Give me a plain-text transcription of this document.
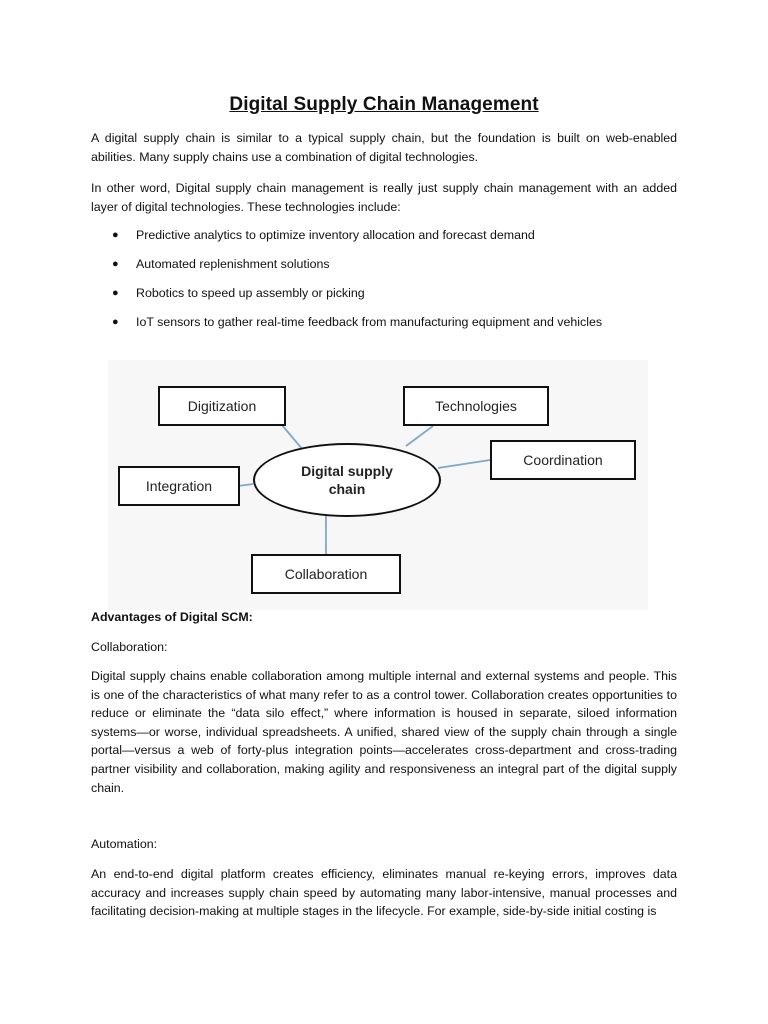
Digital Supply Chain Management

A digital supply chain is similar to a typical supply chain, but the foundation is built on web-enabled abilities. Many supply chains use a combination of digital technologies.

In other word, Digital supply chain management is really just supply chain management with an added layer of digital technologies. These technologies include:

● Predictive analytics to optimize inventory allocation and forecast demand
● Automated replenishment solutions
● Robotics to speed up assembly or picking
● IoT sensors to gather real-time feedback from manufacturing equipment and vehicles
Digitization	Technologies
Coordination
Integration
Collaboration
Digital supply
chain
Advantages of Digital SCM:
Collaboration:

Digital supply chains enable collaboration among multiple internal and external systems and people. This is one of the characteristics of what many refer to as a control tower. Collaboration creates opportunities to reduce or eliminate the “data silo effect,” where information is housed in separate, siloed information systems—or worse, individual spreadsheets. A unified, shared view of the supply chain through a single portal—versus a web of forty-plus integration points—accelerates cross-department and cross-trading partner visibility and collaboration, making agility and responsiveness an integral part of the digital supply chain.

Automation:

An end-to-end digital platform creates efficiency, eliminates manual re-keying errors, improves data accuracy and increases supply chain speed by automating many labor-intensive, manual processes and facilitating decision-making at multiple stages in the lifecycle. For example, side-by-side initial costing is
